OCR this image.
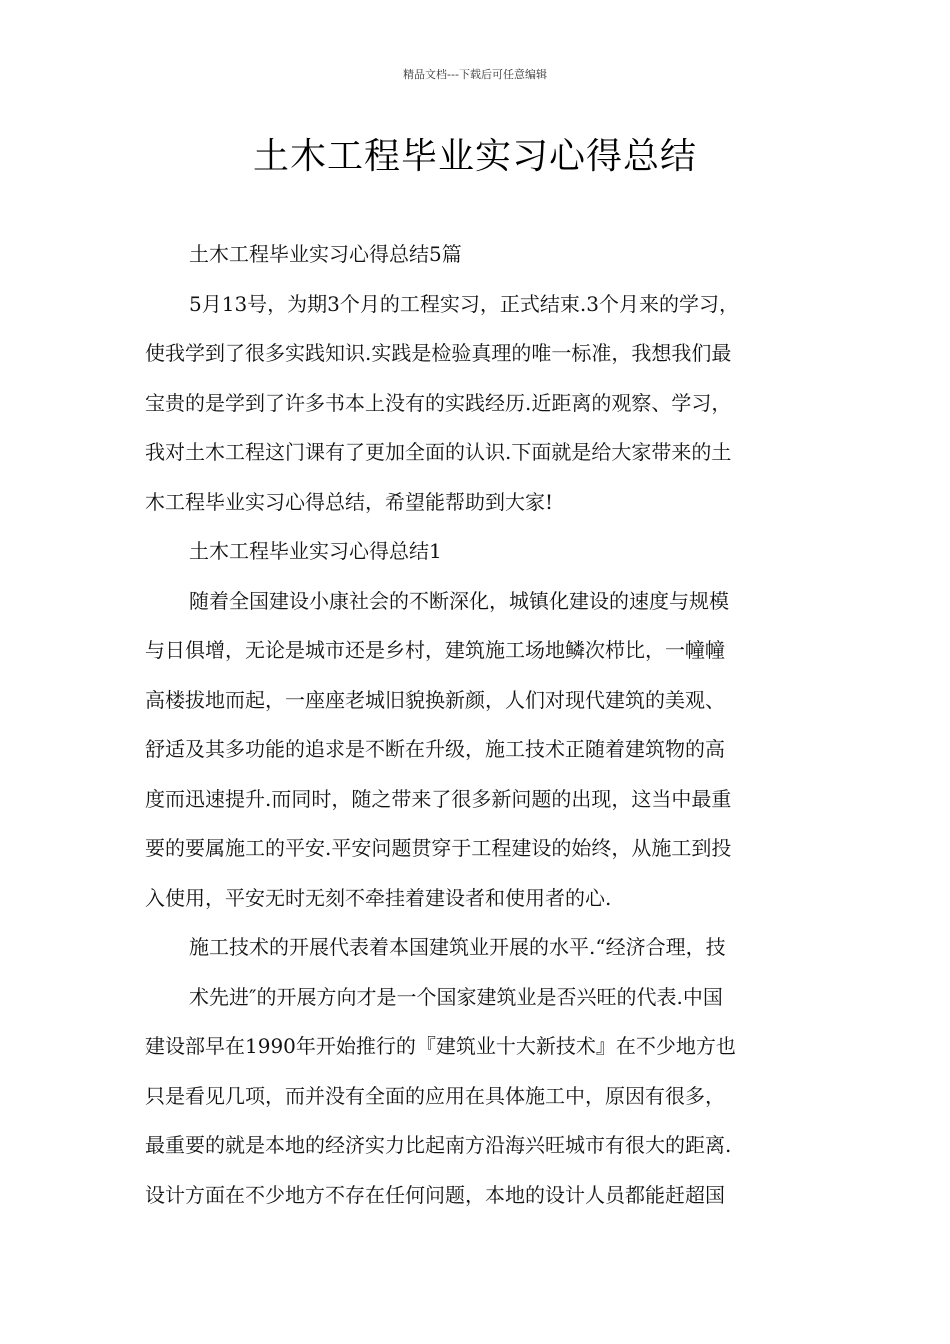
精品文档---下载后可任意编辑
土木工程毕业实习心得总结

土木工程毕业实习心得总结5篇

5月13号，为期3个月的工程实习，正式结束.3个月来的学习，
使我学到了很多实践知识.实践是检验真理的唯一标准，我想我们最
宝贵的是学到了许多书本上没有的实践经历.近距离的观察、学习，
我对土木工程这门课有了更加全面的认识.下面就是给大家带来的土
木工程毕业实习心得总结，希望能帮助到大家!

土木工程毕业实习心得总结1

随着全国建设小康社会的不断深化，城镇化建设的速度与规模
与日俱增，无论是城市还是乡村，建筑施工场地鳞次栉比，一幢幢
高楼拔地而起，一座座老城旧貌换新颜，人们对现代建筑的美观、
舒适及其多功能的追求是不断在升级，施工技术正随着建筑物的高
度而迅速提升.而同时，随之带来了很多新问题的出现，这当中最重
要的要属施工的平安.平安问题贯穿于工程建设的始终，从施工到投
入使用，平安无时无刻不牵挂着建设者和使用者的心.

施工技术的开展代表着本国建筑业开展的水平.“经济合理，技

术先进″的开展方向才是一个国家建筑业是否兴旺的代表.中国
建设部早在1990年开始推行的『建筑业十大新技术』在不少地方也
只是看见几项，而并没有全面的应用在具体施工中，原因有很多，
最重要的就是本地的经济实力比起南方沿海兴旺城市有很大的距离.
设计方面在不少地方不存在任何问题，本地的设计人员都能赶超国
